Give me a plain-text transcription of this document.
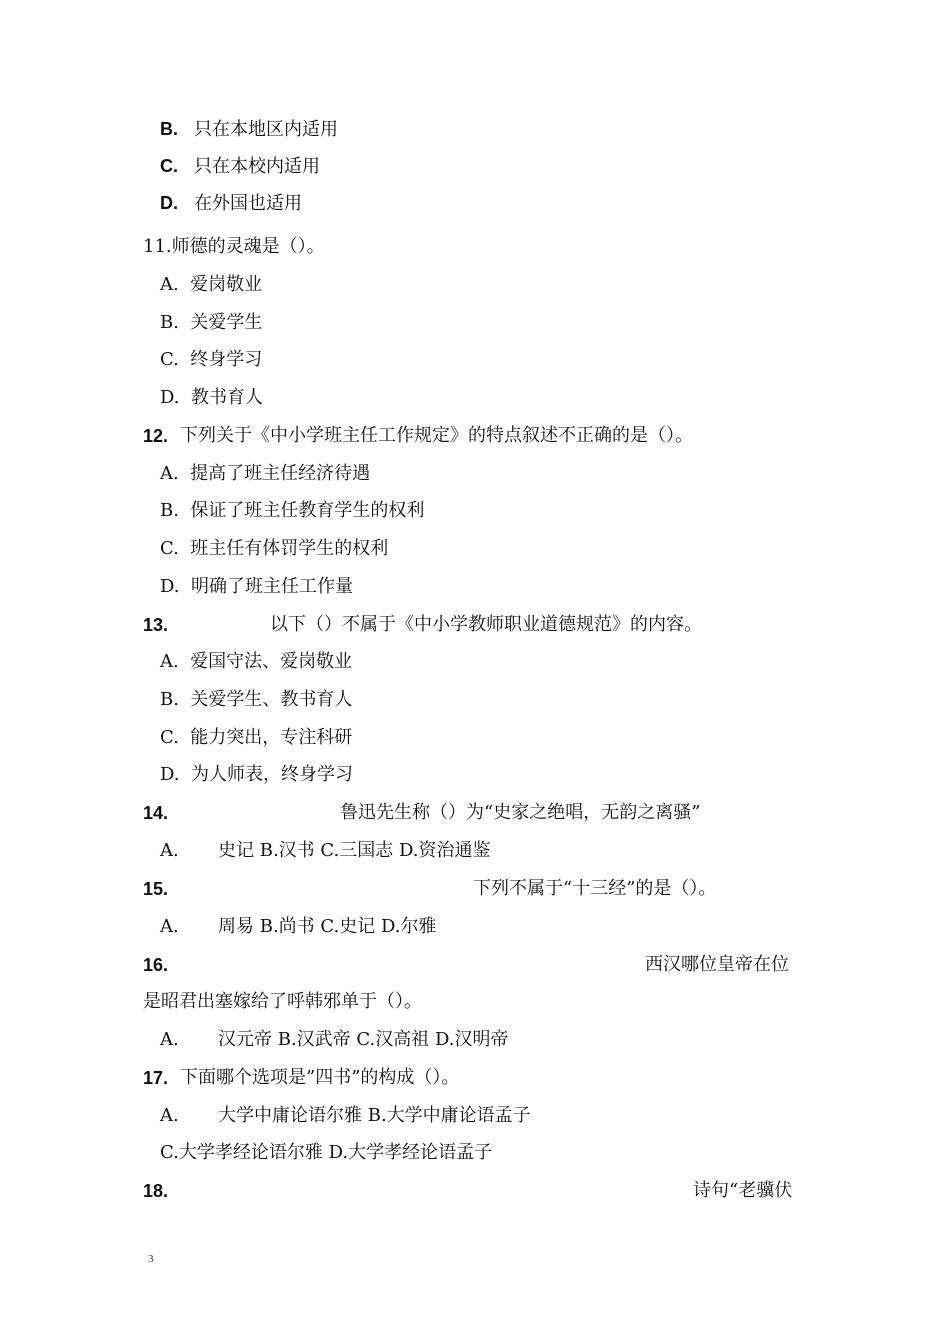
B. 只在本地区内适用
C. 只在本校内适用
D. 在外国也适用
11.师德的灵魂是（）。
A.  爱岗敬业
B.  关爱学生
C.  终身学习
D.  教书育人
12. 下列关于《中小学班主任工作规定》的特点叙述不正确的是（）。
A.  提高了班主任经济待遇
B.  保证了班主任教育学生的权利
C.  班主任有体罚学生的权利
D.  明确了班主任工作量
13.	以下（）不属于《中小学教师职业道德规范》的内容。
A.  爱国守法、爱岗敬业
B.  关爱学生、教书育人
C.  能力突出，专注科研
D.  为人师表，终身学习
14.	鲁迅先生称（）为“史家之绝唱，无韵之离骚”
A. 史记 B.汉书 C.三国志 D.资治通鉴
15.	下列不属于“十三经”的是（）。
A. 周易 B.尚书 C.史记 D.尔雅
16.	西汉哪位皇帝在位
是昭君出塞嫁给了呼韩邪单于（）。
A. 汉元帝 B.汉武帝 C.汉高祖 D.汉明帝
17. 下面哪个选项是”四书”的构成（）。
A. 大学中庸论语尔雅 B.大学中庸论语孟子
C.大学孝经论语尔雅 D.大学孝经论语孟子
18.	诗句“老骥伏
3
